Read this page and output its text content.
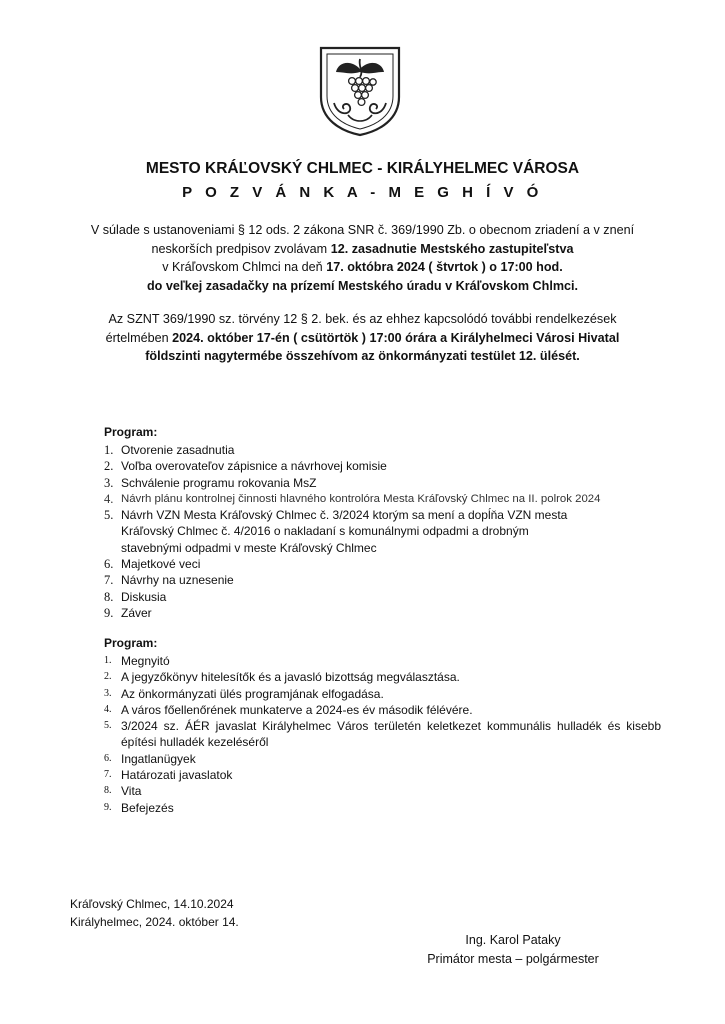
MESTO KRÁĽOVSKÝ CHLMEC - KIRÁLYHELMEC VÁROSA
P O Z V Á N K A - M E G H Í V Ó
V súlade s ustanoveniami § 12 ods. 2 zákona SNR č. 369/1990 Zb. o obecnom zriadení a v znení
neskorších predpisov zvolávam 12. zasadnutie Mestského zastupiteľstva
v Kráľovskom Chlmci na deň 17. októbra 2024 ( štvrtok ) o 17:00 hod.
do veľkej zasadačky na prízemí Mestského úradu v Kráľovskom Chlmci.
Az SZNT 369/1990 sz. törvény 12 § 2. bek. és az ehhez kapcsolódó további rendelkezések
értelmében 2024. október 17-én ( csütörtök ) 17:00 órára a Királyhelmeci Városi Hivatal
földszinti nagytermébe összehívom az önkormányzati testület 12. ülését.
Program:
1. Otvorenie zasadnutia
2. Voľba overovateľov zápisnice a návrhovej komisie
3. Schválenie programu rokovania MsZ
4. Návrh plánu kontrolnej činnosti hlavného kontrolóra Mesta Kráľovský Chlmec na II. polrok 2024
5. Návrh VZN Mesta Kráľovský Chlmec č. 3/2024 ktorým sa mení a dopĺňa VZN mesta Kráľovský Chlmec č. 4/2016 o nakladaní s komunálnymi odpadmi a drobným stavebnými odpadmi v meste Kráľovský Chlmec
6. Majetkové veci
7. Návrhy na uznesenie
8. Diskusia
9. Záver
Program:
1. Megnyitó
2. A jegyzőkönyv hitelesítők és a javasló bizottság megválasztása.
3. Az önkormányzati ülés programjának elfogadása.
4. A város főellenőrének munkaterve a 2024-es év második félévére.
5. 3/2024 sz. ÁÉR javaslat Királyhelmec Város területén keletkezet kommunális hulladék és kisebb építési hulladék kezeléséről
6. Ingatlanügyek
7. Határozati javaslatok
8. Vita
9. Befejezés
Kráľovský Chlmec, 14.10.2024
Királyhelmec, 2024. október 14.
Ing. Karol Pataky
Primátor mesta – polgármester
